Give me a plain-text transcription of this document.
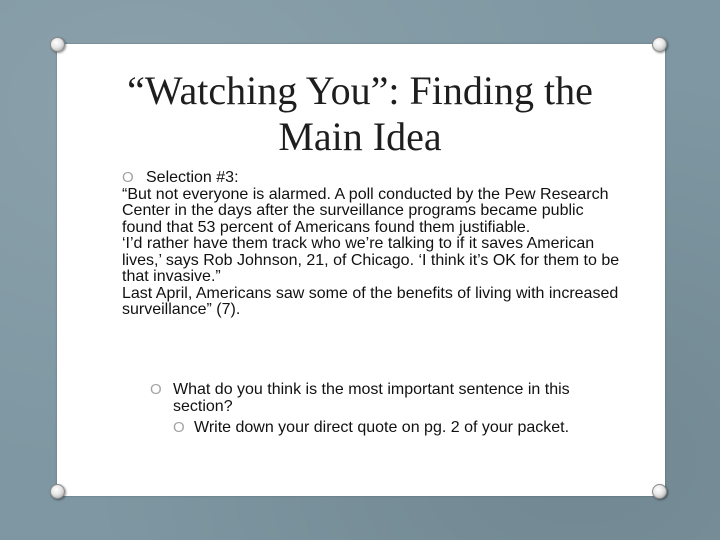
“Watching You”: Finding the
Main Idea
O Selection #3:
“But not everyone is alarmed. A poll conducted by the Pew Research Center in the days after the surveillance programs became public found that 53 percent of Americans found them justifiable.
‘I’d rather have them track who we’re talking to if it saves American lives,’ says Rob Johnson, 21, of Chicago. ‘I think it’s OK for them to be that invasive.”
Last April, Americans saw some of the benefits of living with increased surveillance” (7).
O What do you think is the most important sentence in this section?
O Write down your direct quote on pg. 2 of your packet.
